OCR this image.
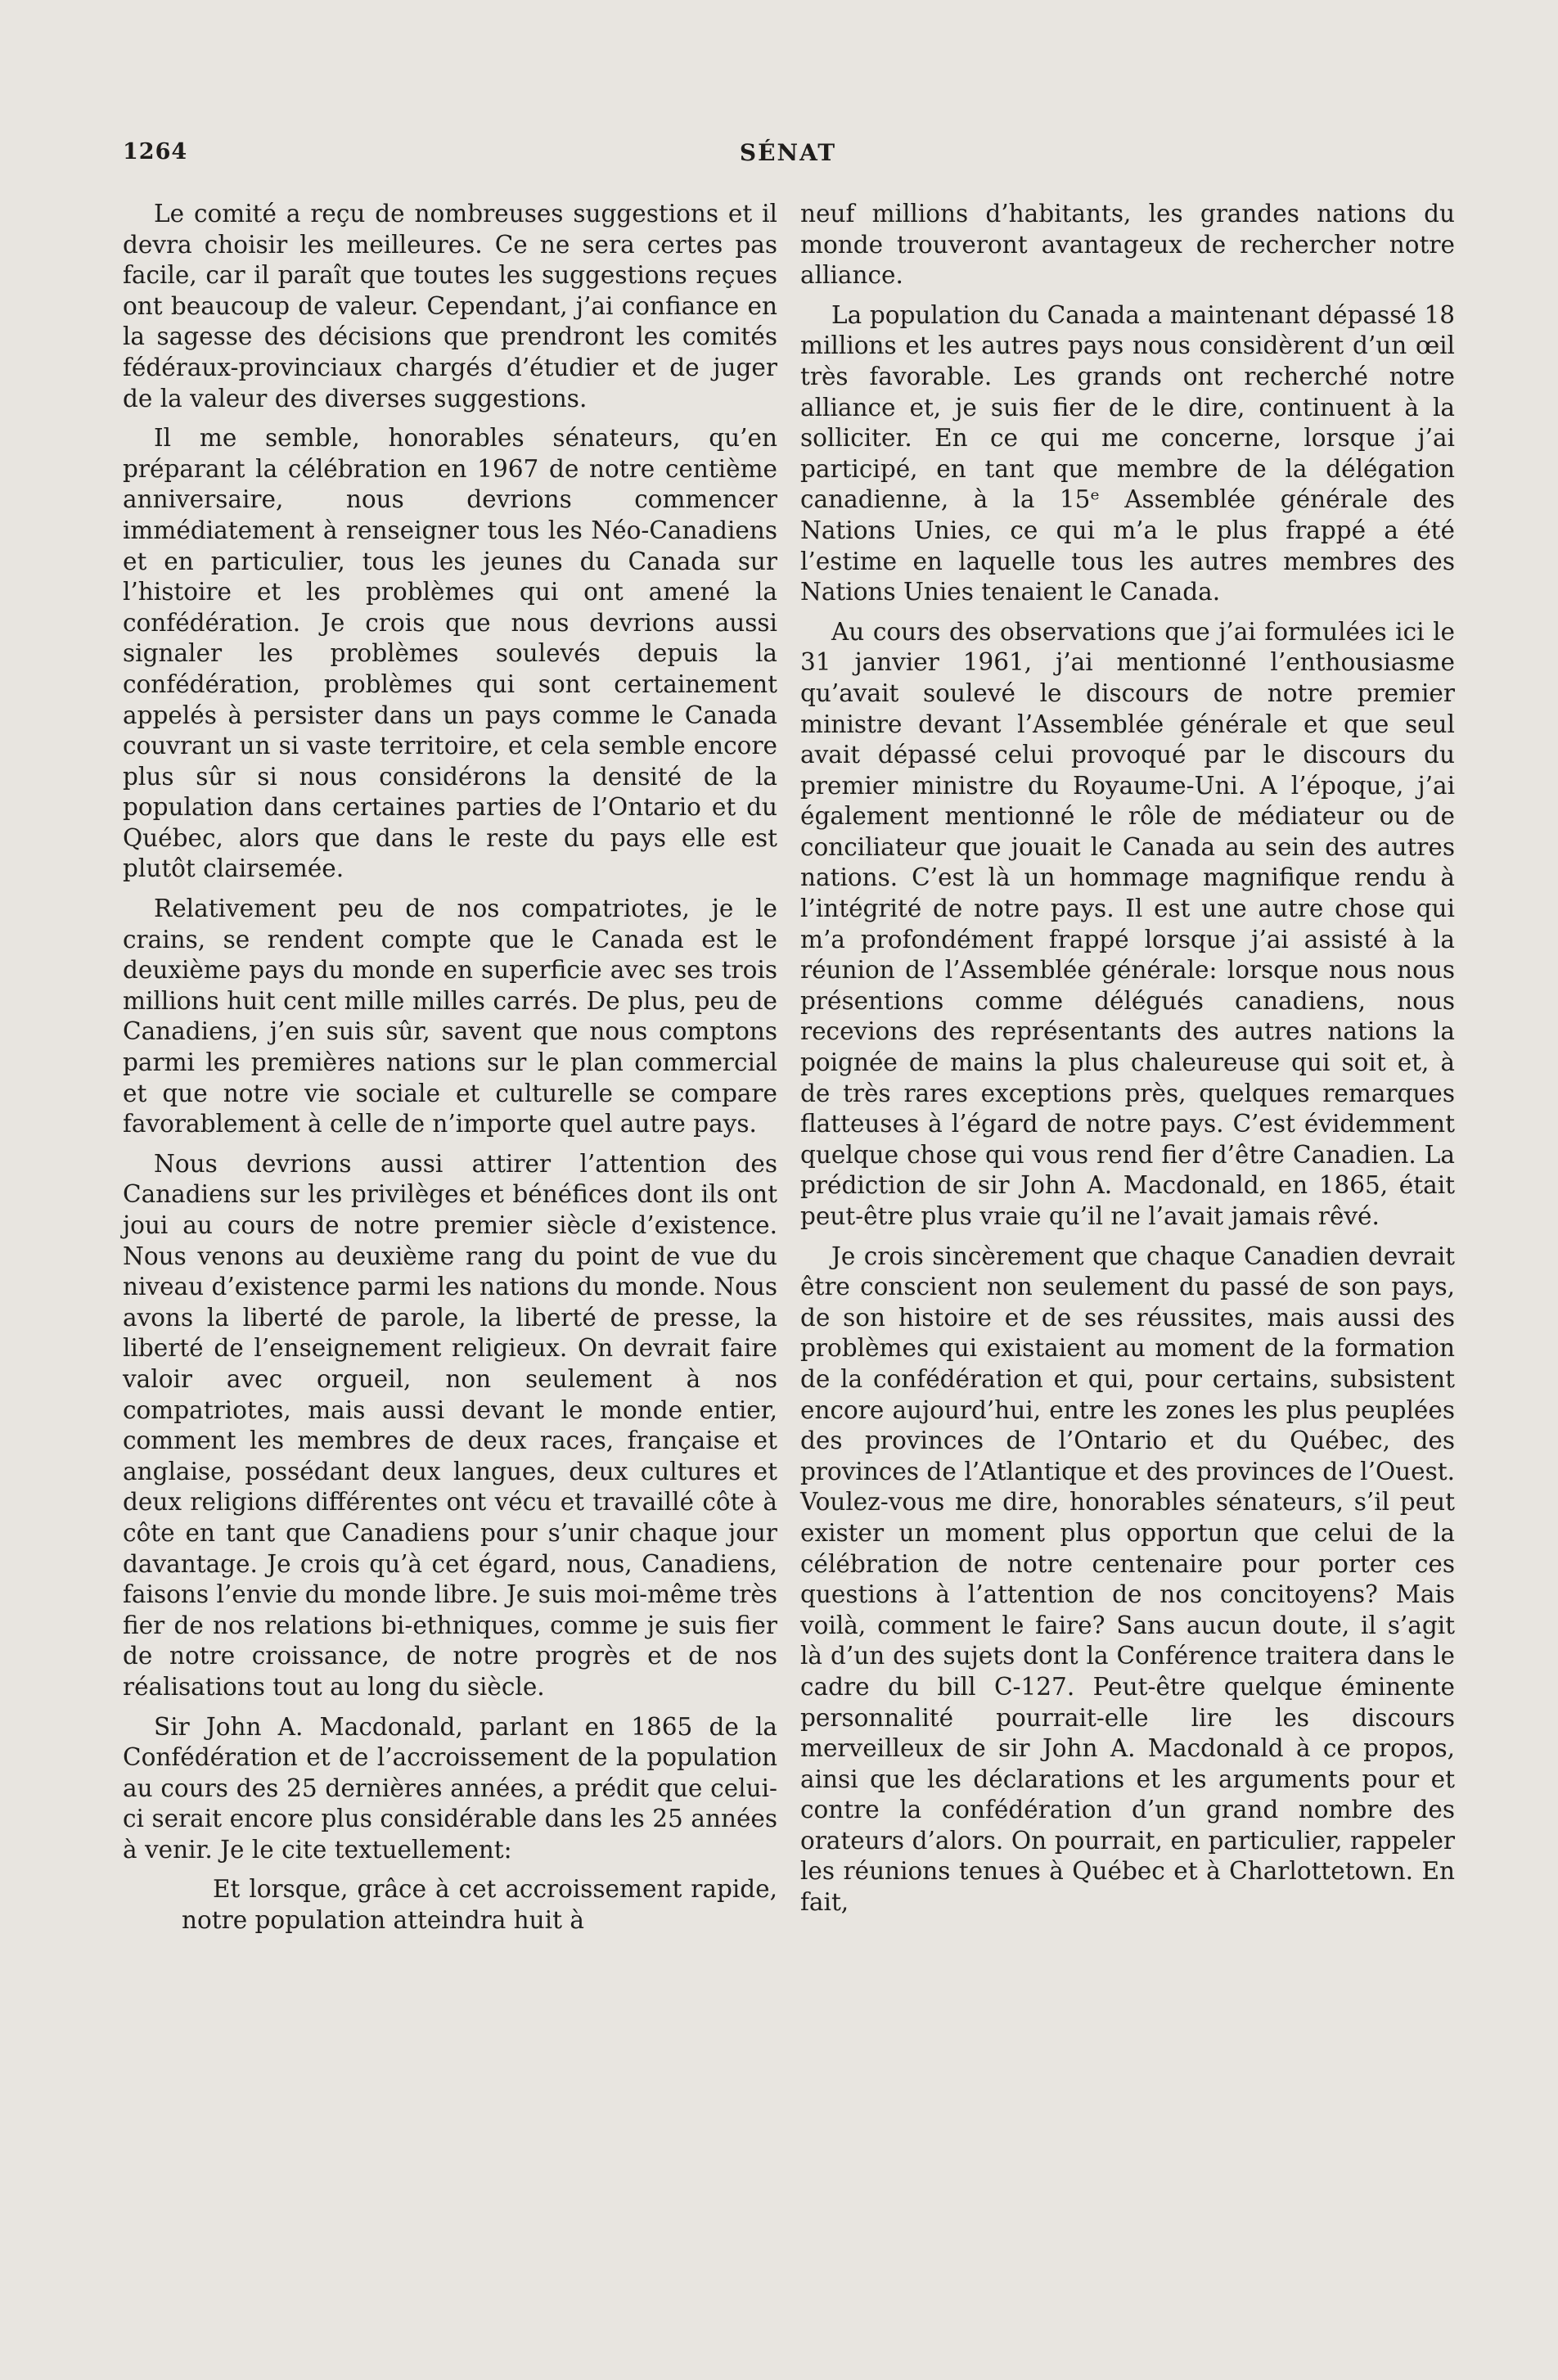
1264	SÉNAT

Le comité a reçu de nombreuses suggestions et il devra choisir les meilleures. Ce ne sera certes pas facile, car il paraît que toutes les suggestions reçues ont beaucoup de valeur. Cependant, j’ai confiance en la sagesse des décisions que prendront les comités fédéraux-provinciaux chargés d’étudier et de juger de la valeur des diverses suggestions.

Il me semble, honorables sénateurs, qu’en préparant la célébration en 1967 de notre centième anniversaire, nous devrions commencer immédiatement à renseigner tous les Néo-Canadiens et en particulier, tous les jeunes du Canada sur l’histoire et les problèmes qui ont amené la confédération. Je crois que nous devrions aussi signaler les problèmes soulevés depuis la confédération, problèmes qui sont certainement appelés à persister dans un pays comme le Canada couvrant un si vaste territoire, et cela semble encore plus sûr si nous considérons la densité de la population dans certaines parties de l’Ontario et du Québec, alors que dans le reste du pays elle est plutôt clairsemée.

Relativement peu de nos compatriotes, je le crains, se rendent compte que le Canada est le deuxième pays du monde en superficie avec ses trois millions huit cent mille milles carrés. De plus, peu de Canadiens, j’en suis sûr, savent que nous comptons parmi les premières nations sur le plan commercial et que notre vie sociale et culturelle se compare favorablement à celle de n’importe quel autre pays.

Nous devrions aussi attirer l’attention des Canadiens sur les privilèges et bénéfices dont ils ont joui au cours de notre premier siècle d’existence. Nous venons au deuxième rang du point de vue du niveau d’existence parmi les nations du monde. Nous avons la liberté de parole, la liberté de presse, la liberté de l’enseignement religieux. On devrait faire valoir avec orgueil, non seulement à nos compatriotes, mais aussi devant le monde entier, comment les membres de deux races, française et anglaise, possédant deux langues, deux cultures et deux religions différentes ont vécu et travaillé côte à côte en tant que Canadiens pour s’unir chaque jour davantage. Je crois qu’à cet égard, nous, Canadiens, faisons l’envie du monde libre. Je suis moi-même très fier de nos relations bi-ethniques, comme je suis fier de notre croissance, de notre progrès et de nos réalisations tout au long du siècle.

Sir John A. Macdonald, parlant en 1865 de la Confédération et de l’accroissement de la population au cours des 25 dernières années, a prédit que celui-ci serait encore plus considérable dans les 25 années à venir. Je le cite textuellement:

Et lorsque, grâce à cet accroissement rapide, notre population atteindra huit à

neuf millions d’habitants, les grandes nations du monde trouveront avantageux de rechercher notre alliance.

La population du Canada a maintenant dépassé 18 millions et les autres pays nous considèrent d’un œil très favorable. Les grands ont recherché notre alliance et, je suis fier de le dire, continuent à la solliciter. En ce qui me concerne, lorsque j’ai participé, en tant que membre de la délégation canadienne, à la 15ᵉ Assemblée générale des Nations Unies, ce qui m’a le plus frappé a été l’estime en laquelle tous les autres membres des Nations Unies tenaient le Canada.

Au cours des observations que j’ai formulées ici le 31 janvier 1961, j’ai mentionné l’enthousiasme qu’avait soulevé le discours de notre premier ministre devant l’Assemblée générale et que seul avait dépassé celui provoqué par le discours du premier ministre du Royaume-Uni. A l’époque, j’ai également mentionné le rôle de médiateur ou de conciliateur que jouait le Canada au sein des autres nations. C’est là un hommage magnifique rendu à l’intégrité de notre pays. Il est une autre chose qui m’a profondément frappé lorsque j’ai assisté à la réunion de l’Assemblée générale: lorsque nous nous présentions comme délégués canadiens, nous recevions des représentants des autres nations la poignée de mains la plus chaleureuse qui soit et, à de très rares exceptions près, quelques remarques flatteuses à l’égard de notre pays. C’est évidemment quelque chose qui vous rend fier d’être Canadien. La prédiction de sir John A. Macdonald, en 1865, était peut-être plus vraie qu’il ne l’avait jamais rêvé.

Je crois sincèrement que chaque Canadien devrait être conscient non seulement du passé de son pays, de son histoire et de ses réussites, mais aussi des problèmes qui existaient au moment de la formation de la confédération et qui, pour certains, subsistent encore aujourd’hui, entre les zones les plus peuplées des provinces de l’Ontario et du Québec, des provinces de l’Atlantique et des provinces de l’Ouest. Voulez-vous me dire, honorables sénateurs, s’il peut exister un moment plus opportun que celui de la célébration de notre centenaire pour porter ces questions à l’attention de nos concitoyens? Mais voilà, comment le faire? Sans aucun doute, il s’agit là d’un des sujets dont la Conférence traitera dans le cadre du bill C-127. Peut-être quelque éminente personnalité pourrait-elle lire les discours merveilleux de sir John A. Macdonald à ce propos, ainsi que les déclarations et les arguments pour et contre la confédération d’un grand nombre des orateurs d’alors. On pourrait, en particulier, rappeler les réunions tenues à Québec et à Charlottetown. En fait,
